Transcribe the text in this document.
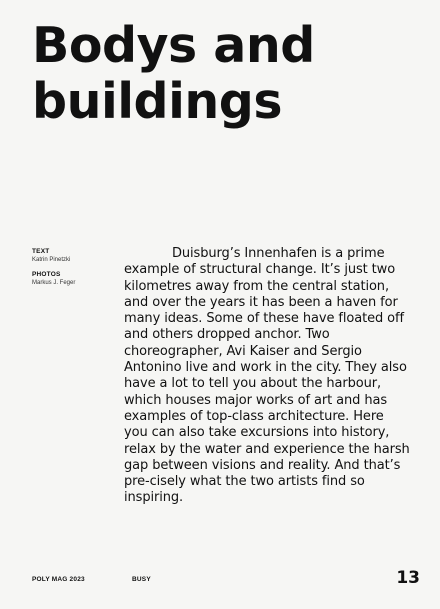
Bodys and
buildings
TEXT
Katrin Pinetzki
PHOTOS
Markus J. Feger

Duisburg’s Innenhafen is a prime example of structural change. It’s just two kilometres away from the central station, and over the years it has been a haven for many ideas. Some of these have floated off and others dropped anchor. Two choreographer, Avi Kaiser and Sergio Antonino live and work in the city. They also have a lot to tell you about the harbour, which houses major works of art and has examples of top-class architecture. Here you can also take excursions into history, relax by the water and experience the harsh gap between visions and reality. And that’s pre-cisely what the two artists find so inspiring.

POLY MAG 2023	BUSY	13
